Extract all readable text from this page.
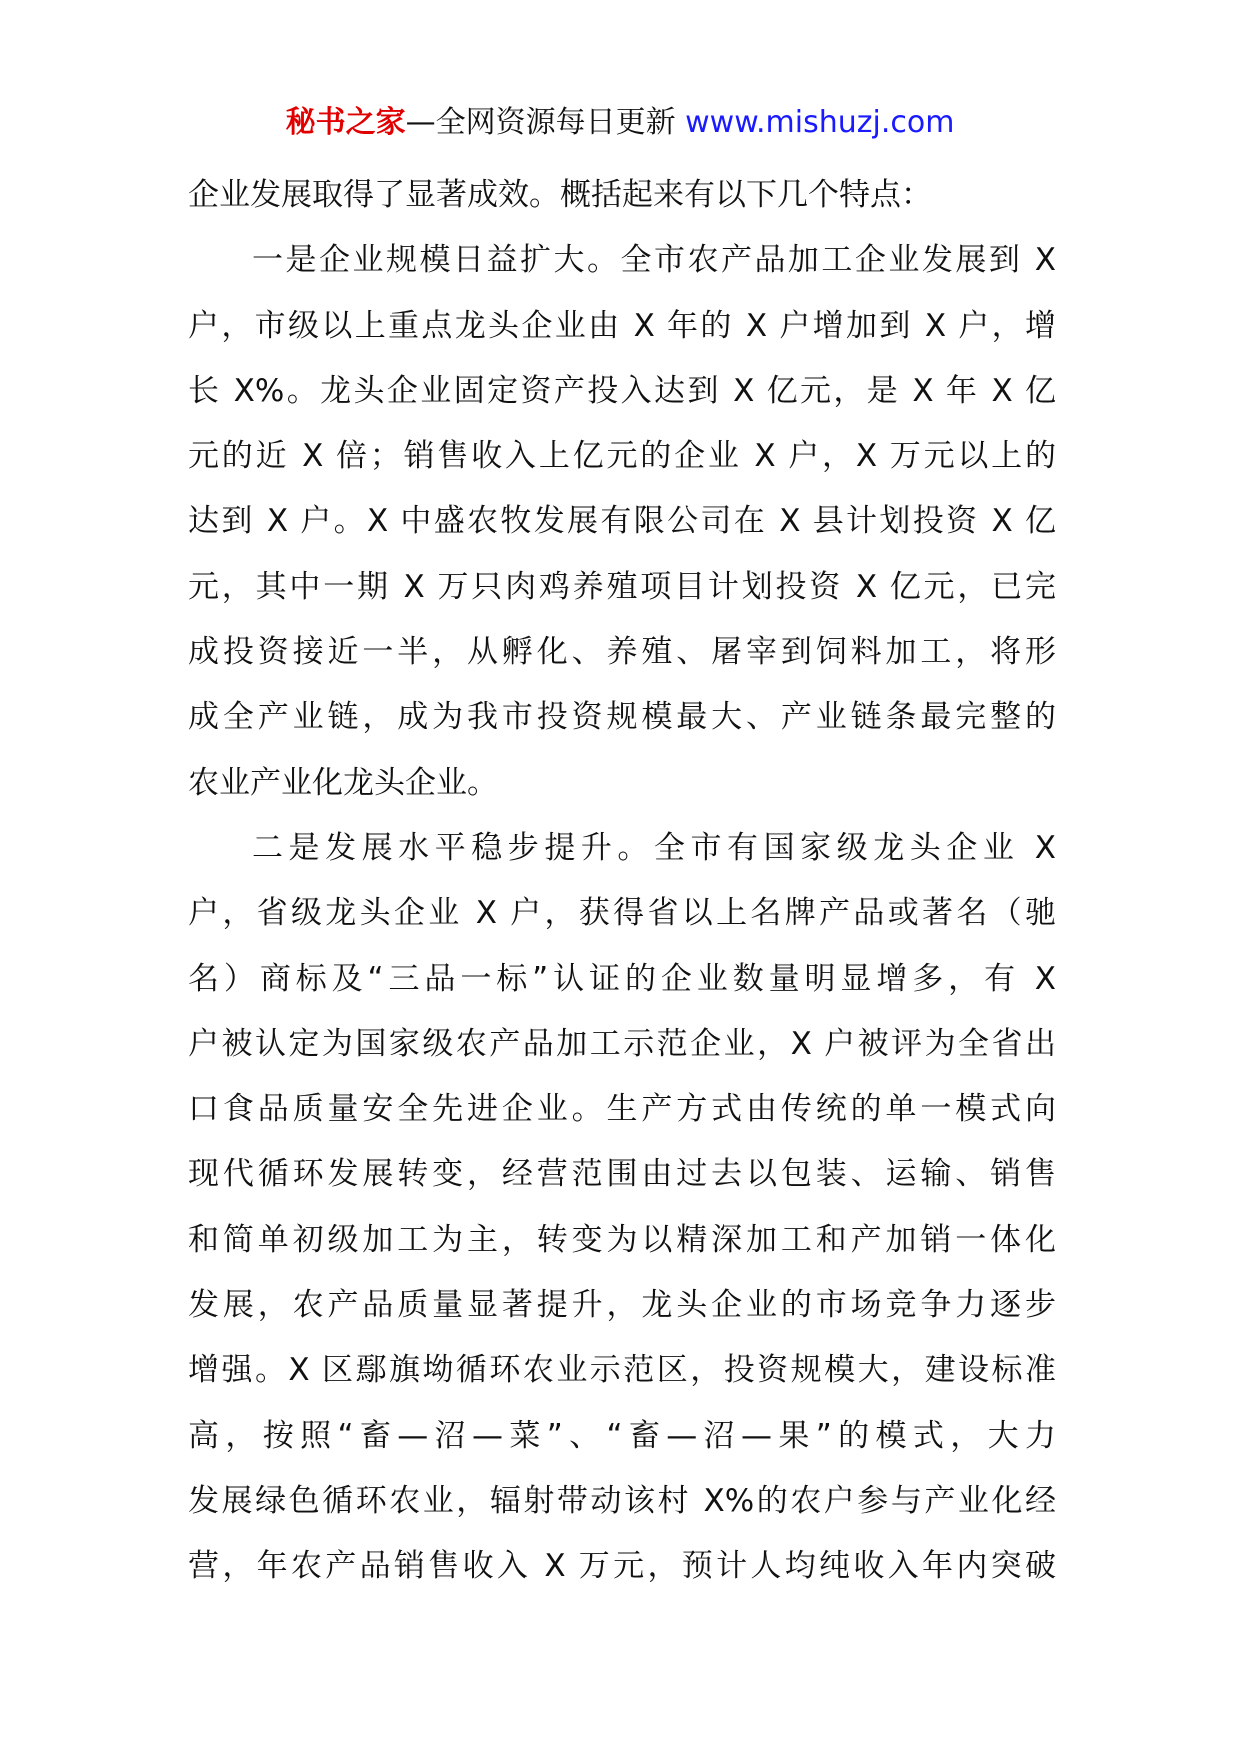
秘书之家—全网资源每日更新 www.mishuzj.com
企业发展取得了显著成效。概括起来有以下几个特点：
一是企业规模日益扩大。全市农产品加工企业发展到 X
户，市级以上重点龙头企业由 X 年的 X 户增加到 X 户，增
长 X%。龙头企业固定资产投入达到 X 亿元，是 X 年 X 亿
元的近 X 倍；销售收入上亿元的企业 X 户，X 万元以上的
达到 X 户。X 中盛农牧发展有限公司在 X 县计划投资 X 亿
元，其中一期 X 万只肉鸡养殖项目计划投资 X 亿元，已完
成投资接近一半，从孵化、养殖、屠宰到饲料加工，将形
成全产业链，成为我市投资规模最大、产业链条最完整的
农业产业化龙头企业。
二是发展水平稳步提升。全市有国家级龙头企业 X
户，省级龙头企业 X 户，获得省以上名牌产品或著名（驰
名）商标及“三品一标”认证的企业数量明显增多，有 X
户被认定为国家级农产品加工示范企业，X 户被评为全省出
口食品质量安全先进企业。生产方式由传统的单一模式向
现代循环发展转变，经营范围由过去以包装、运输、销售
和简单初级加工为主，转变为以精深加工和产加销一体化
发展，农产品质量显著提升，龙头企业的市场竞争力逐步
增强。X 区鄢旗坳循环农业示范区，投资规模大，建设标准
高，按照“畜—沼—菜”、“畜—沼—果”的模式，大力
发展绿色循环农业，辐射带动该村 X%的农户参与产业化经
营，年农产品销售收入 X 万元，预计人均纯收入年内突破
